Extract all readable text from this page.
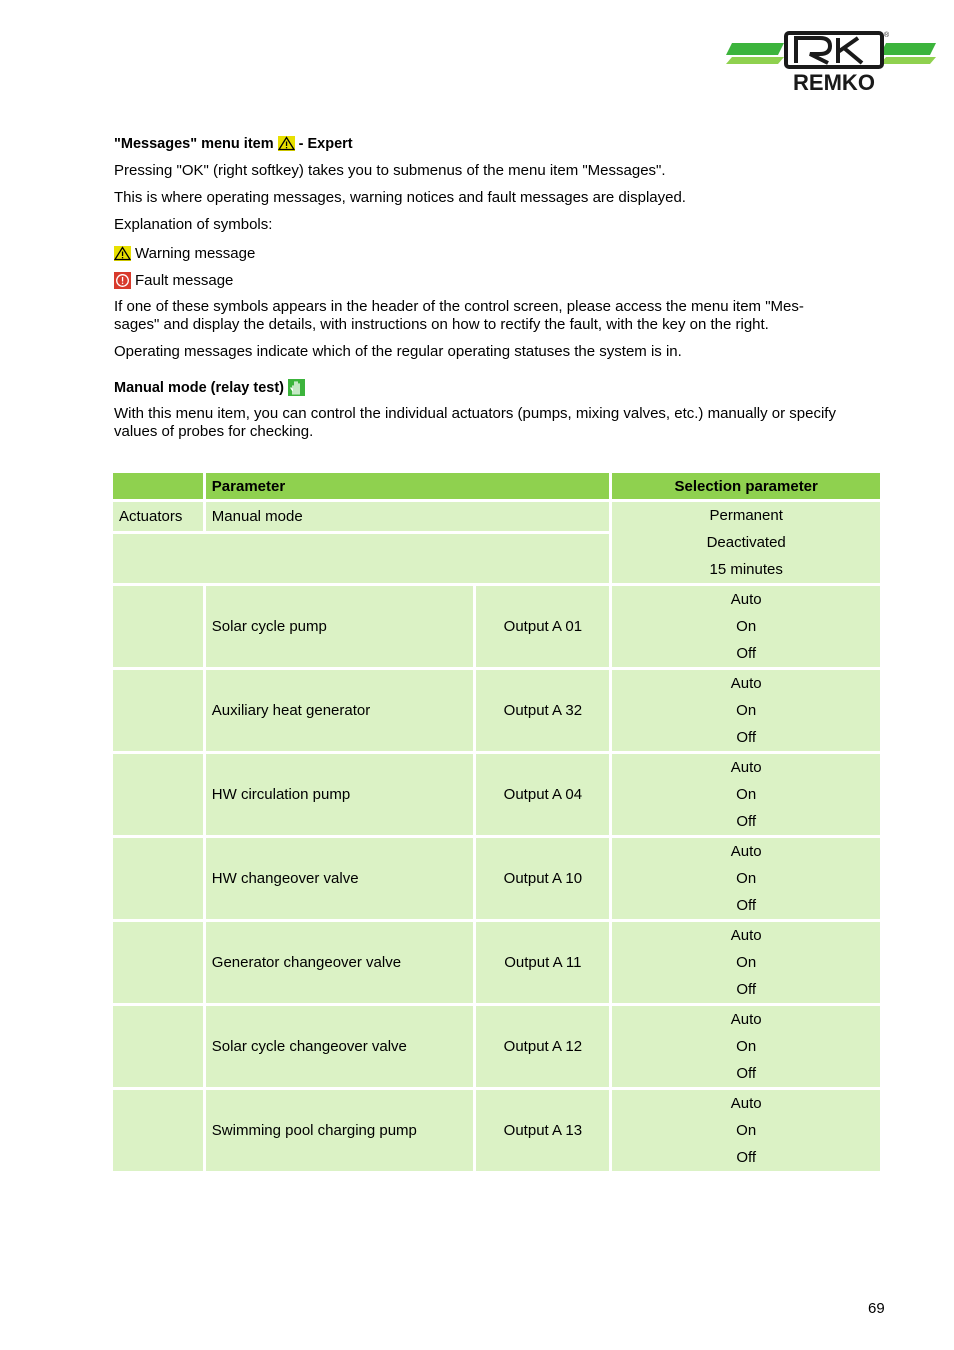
REMKO
®
"Messages" menu item - Expert

Pressing "OK" (right softkey) takes you to submenus of the menu item "Messages".

This is where operating messages, warning notices and fault messages are displayed.

Explanation of symbols:

Warning message
Fault message

If one of these symbols appears in the header of the control screen, please access the menu item "Mes-
sages" and display the details, with instructions on how to rectify the fault, with the key on the right.

Operating messages indicate which of the regular operating statuses the system is in.

Manual mode (relay test)

With this menu item, you can control the individual actuators (pumps, mixing valves, etc.) manually or specify
values of probes for checking.

	Parameter		Selection parameter
Actuators	Manual mode		Permanent
Deactivated
15 minutes

	Solar cycle pump	Output A 01	Auto
On
Off

	Auxiliary heat generator	Output A 32	Auto
On
Off

	HW circulation pump	Output A 04	Auto
On
Off

	HW changeover valve	Output A 10	Auto
On
Off

	Generator changeover valve	Output A 11	Auto
On
Off

	Solar cycle changeover valve	Output A 12	Auto
On
Off

	Swimming pool charging pump	Output A 13	Auto
On
Off
69
